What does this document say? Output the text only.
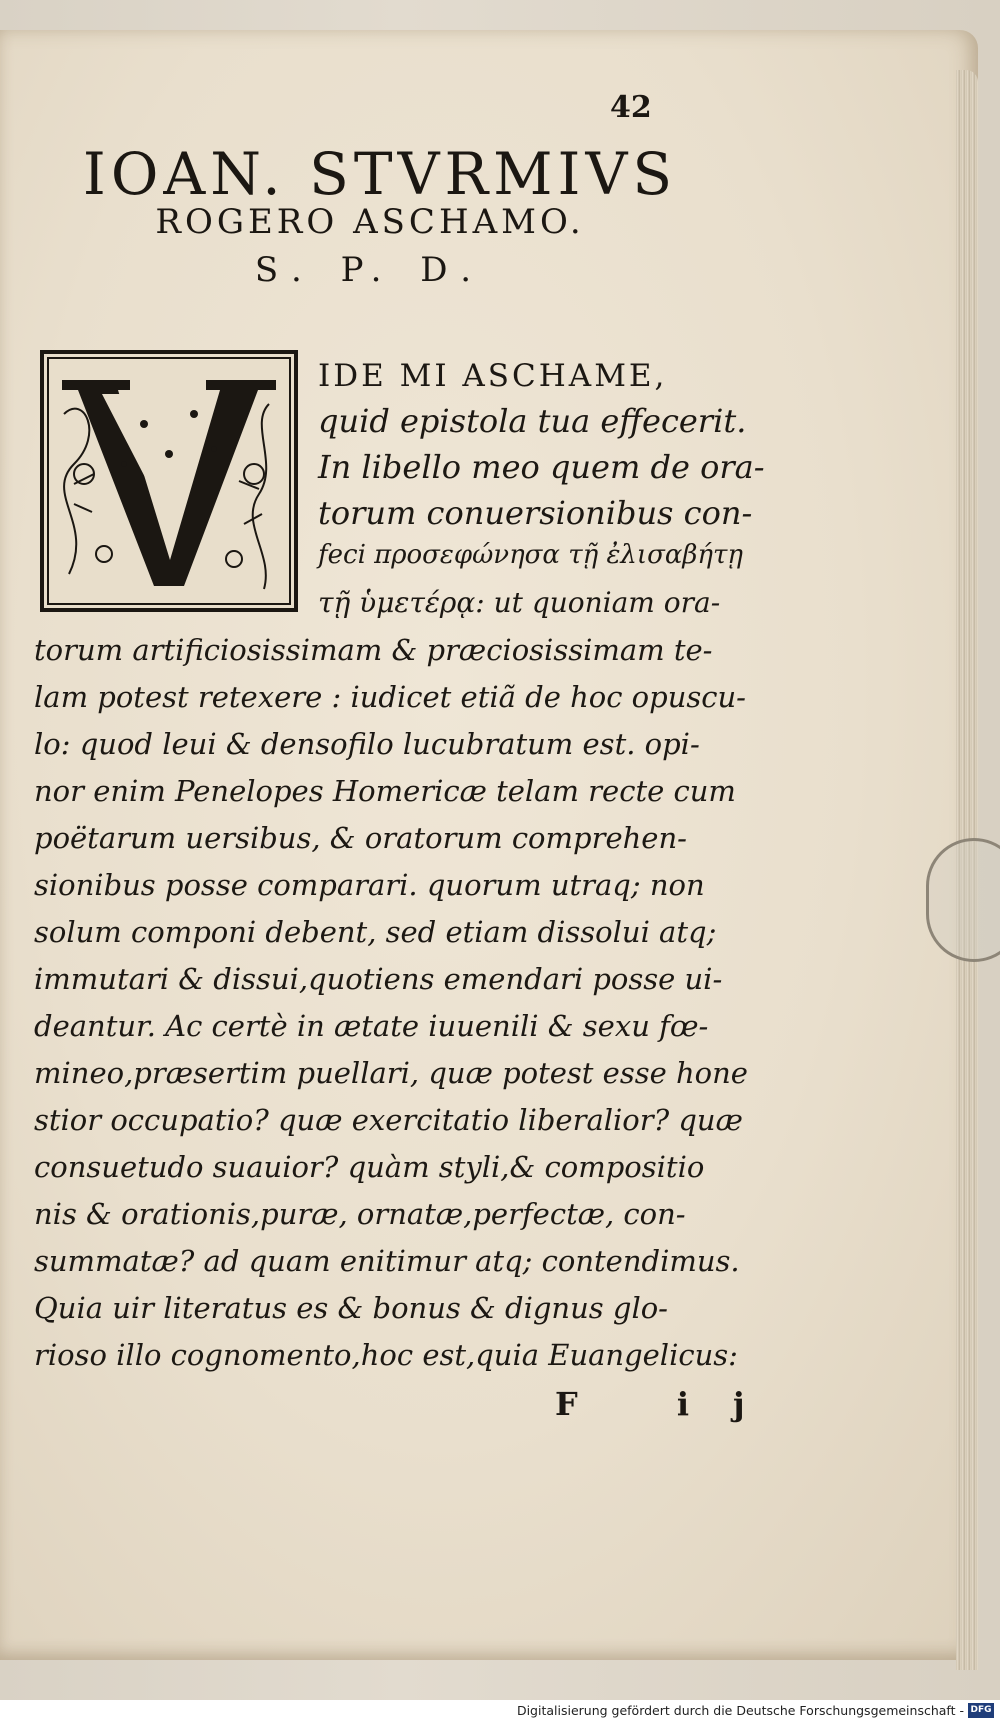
42
IOAN. STVRMIVS
ROGERO ASCHAMO.
S. P. D.
IDE MI ASCHAME,
quid epistola tua effecerit.
In libello meo quem de ora-
torum conuersionibus con-
feci προσεφώνησα τῇ ἐλισαβήτῃ
τῇ ὑμετέρᾳ: ut quoniam ora-
torum artificiosissimam & præciosissimam te-
lam potest retexere : iudicet etiã de hoc opuscu-
lo: quod leui & densofilo lucubratum est. opi-
nor enim Penelopes Homericæ telam recte cum
poëtarum uersibus, & oratorum comprehen-
sionibus posse comparari. quorum utraq; non
solum componi debent, sed etiam dissolui atq;
immutari & dissui,quotiens emendari posse ui-
deantur. Ac certè in ætate iuuenili & sexu fœ-
mineo,præsertim puellari, quæ potest esse hone
stior occupatio? quæ exercitatio liberalior? quæ
consuetudo suauior? quàm styli,& compositio
nis & orationis,puræ, ornatæ,perfectæ, con-
summatæ? ad quam enitimur atq; contendimus.
Quia uir literatus es & bonus & dignus glo-
rioso illo cognomento,hoc est,quia Euangelicus:
F ij
Digitalisierung gefördert durch die Deutsche Forschungsgemeinschaft - DFG
